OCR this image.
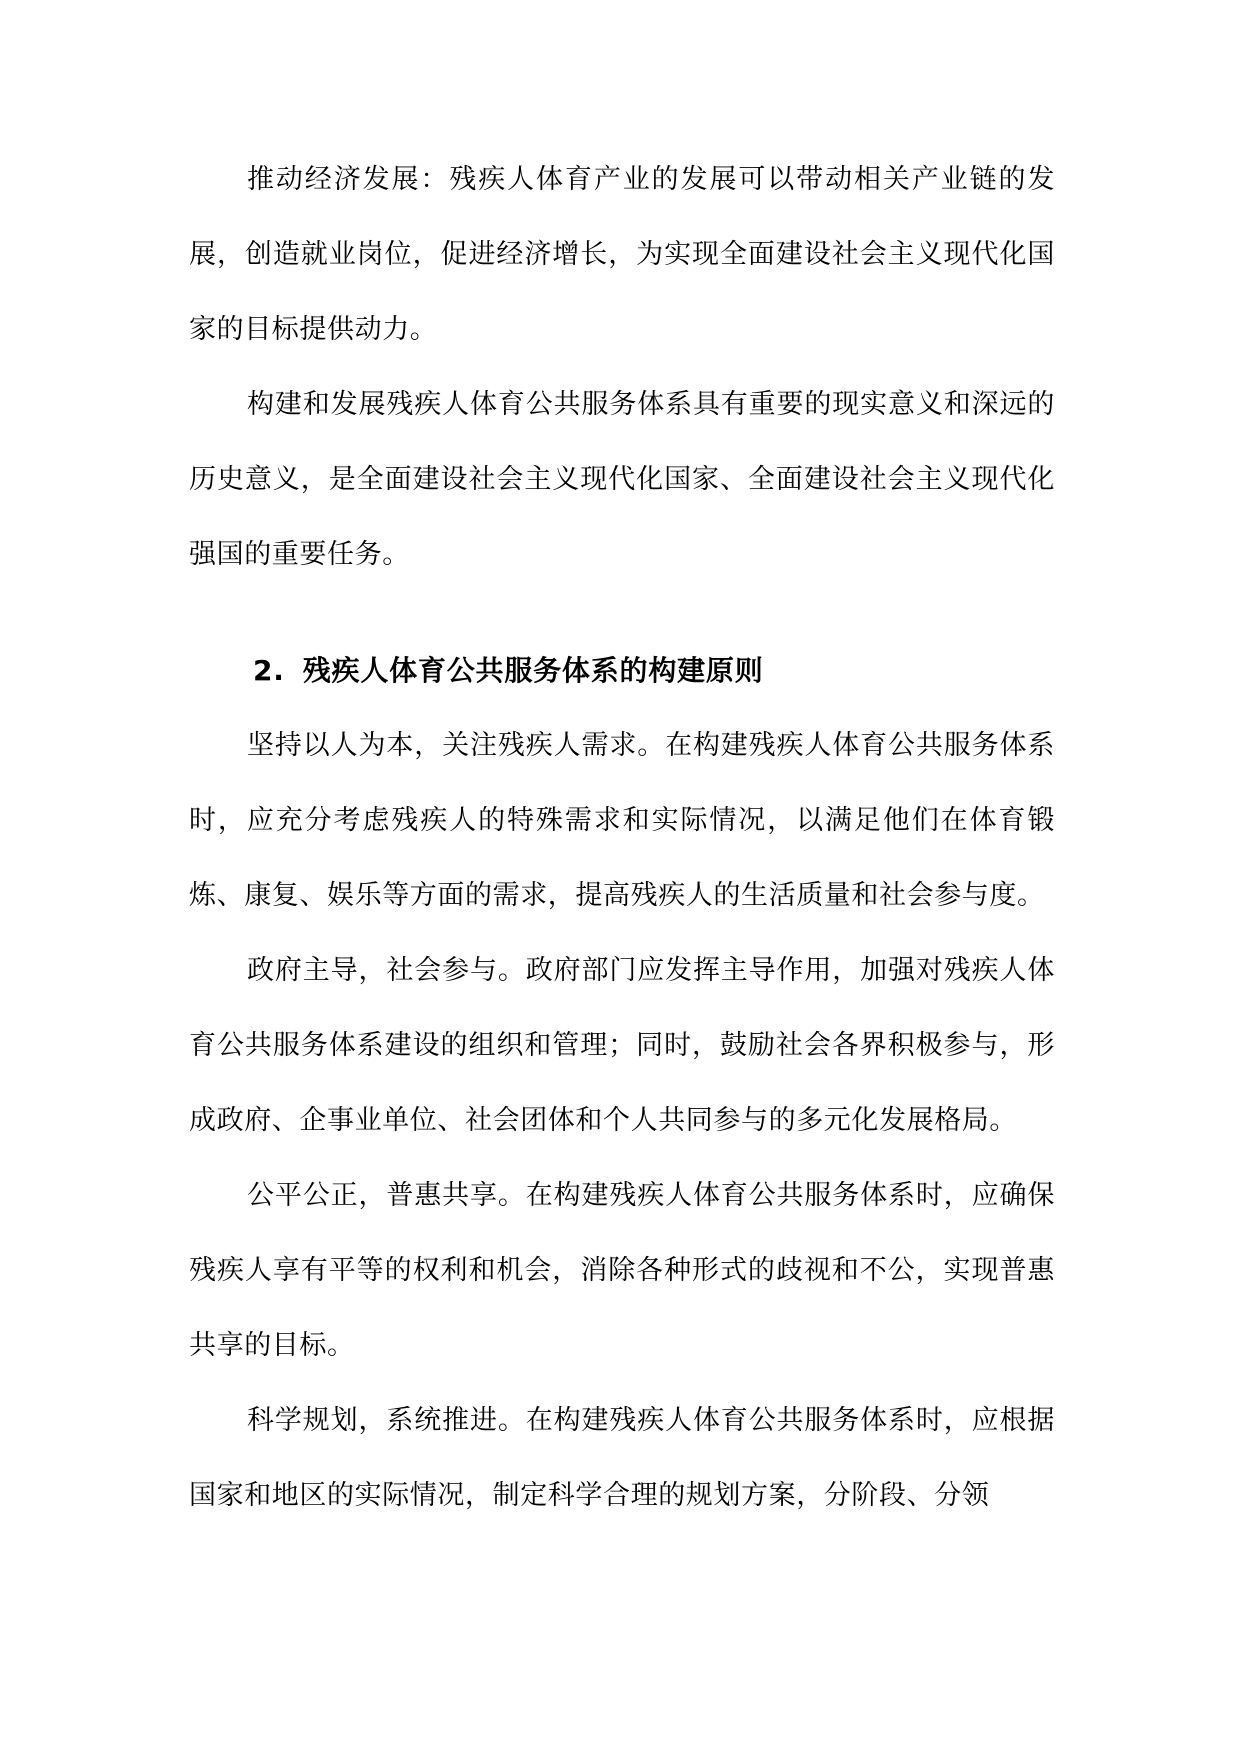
推动经济发展：残疾人体育产业的发展可以带动相关产业链的发展，创造就业岗位，促进经济增长，为实现全面建设社会主义现代化国家的目标提供动力。

构建和发展残疾人体育公共服务体系具有重要的现实意义和深远的历史意义，是全面建设社会主义现代化国家、全面建设社会主义现代化强国的重要任务。

2. 残疾人体育公共服务体系的构建原则

坚持以人为本，关注残疾人需求。在构建残疾人体育公共服务体系时，应充分考虑残疾人的特殊需求和实际情况，以满足他们在体育锻炼、康复、娱乐等方面的需求，提高残疾人的生活质量和社会参与度。

政府主导，社会参与。政府部门应发挥主导作用，加强对残疾人体育公共服务体系建设的组织和管理；同时，鼓励社会各界积极参与，形成政府、企事业单位、社会团体和个人共同参与的多元化发展格局。

公平公正，普惠共享。在构建残疾人体育公共服务体系时，应确保残疾人享有平等的权利和机会，消除各种形式的歧视和不公，实现普惠共享的目标。

科学规划，系统推进。在构建残疾人体育公共服务体系时，应根据国家和地区的实际情况，制定科学合理的规划方案，分阶段、分领
